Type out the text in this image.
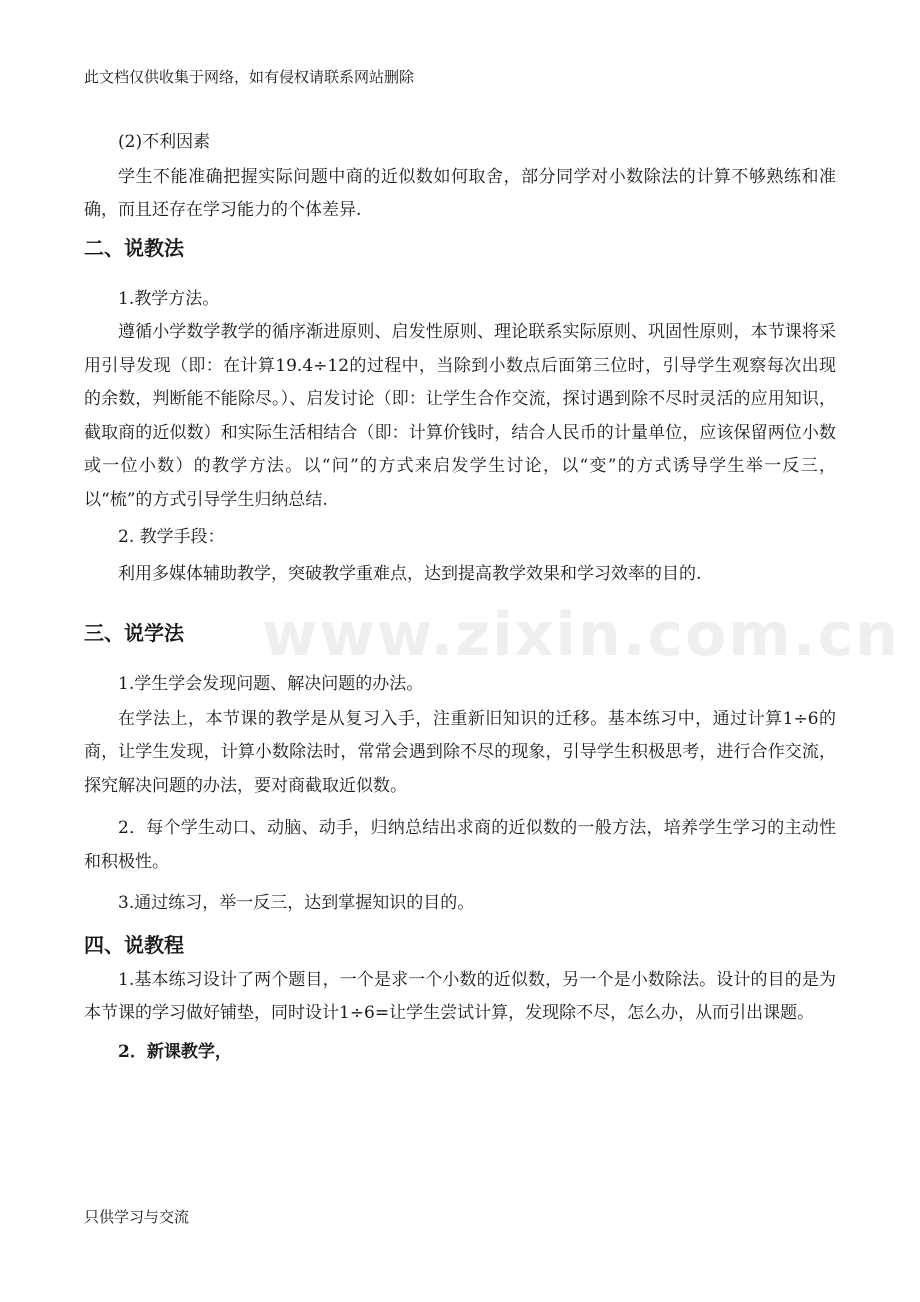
此文档仅供收集于网络，如有侵权请联系网站删除
www.zixin.com.cn
(2)不利因素

学生不能准确把握实际问题中商的近似数如何取舍，部分同学对小数除法的计算不够熟练和准确，而且还存在学习能力的个体差异.

二、说教法
1.教学方法。

遵循小学数学教学的循序渐进原则、启发性原则、理论联系实际原则、巩固性原则，本节课将采用引导发现（即：在计算19.4÷12的过程中，当除到小数点后面第三位时，引导学生观察每次出现的余数，判断能不能除尽。）、启发讨论（即：让学生合作交流，探讨遇到除不尽时灵活的应用知识，截取商的近似数）和实际生活相结合（即：计算价钱时，结合人民币的计量单位，应该保留两位小数或一位小数）的教学方法。以“问”的方式来启发学生讨论，以“变”的方式诱导学生举一反三，以“梳”的方式引导学生归纳总结.

2. 教学手段：

利用多媒体辅助教学，突破教学重难点，达到提高教学效果和学习效率的目的.

三、说学法
1.学生学会发现问题、解决问题的办法。

在学法上，本节课的教学是从复习入手，注重新旧知识的迁移。基本练习中，通过计算1÷6的商，让学生发现，计算小数除法时，常常会遇到除不尽的现象，引导学生积极思考，进行合作交流，探究解决问题的办法，要对商截取近似数。

2．每个学生动口、动脑、动手，归纳总结出求商的近似数的一般方法，培养学生学习的主动性和积极性。

3.通过练习，举一反三，达到掌握知识的目的。
四、说教程

1.基本练习设计了两个题目，一个是求一个小数的近似数，另一个是小数除法。设计的目的是为本节课的学习做好铺垫，同时设计1÷6=让学生尝试计算，发现除不尽，怎么办，从而引出课题。

2．新课教学，
只供学习与交流
